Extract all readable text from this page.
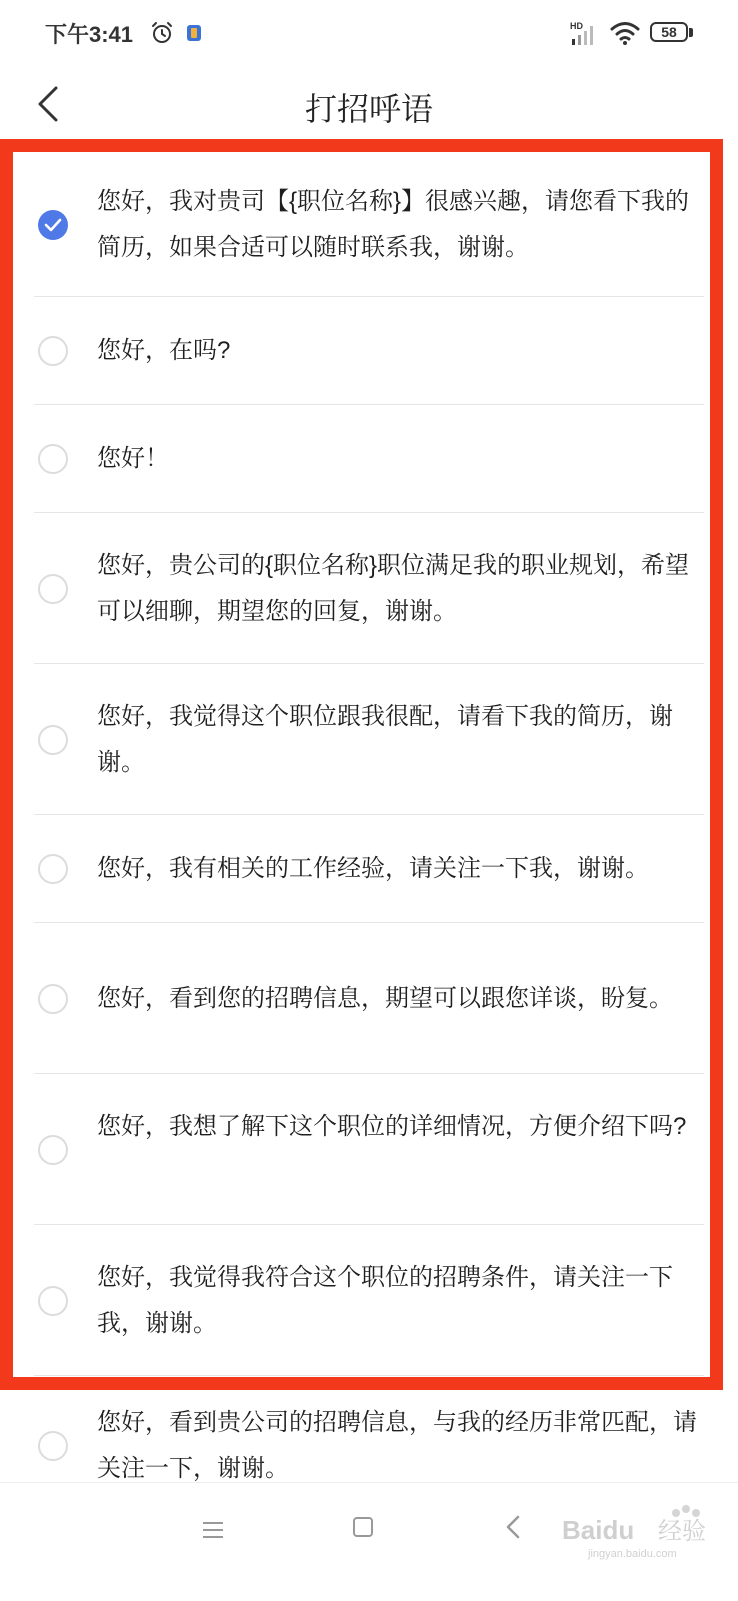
下午3:41	HD	58
打招呼语
您好，我对贵司【{职位名称}】很感兴趣，请您看下我的简历，如果合适可以随时联系我，谢谢。
您好，在吗?
您好！
您好，贵公司的{职位名称}职位满足我的职业规划，希望可以细聊，期望您的回复，谢谢。
您好，我觉得这个职位跟我很配，请看下我的简历，谢谢。
您好，我有相关的工作经验，请关注一下我，谢谢。
您好，看到您的招聘信息，期望可以跟您详谈，盼复。
您好，我想了解下这个职位的详细情况，方便介绍下吗?
您好，我觉得我符合这个职位的招聘条件，请关注一下我，谢谢。
您好，看到贵公司的招聘信息，与我的经历非常匹配，请关注一下，谢谢。
Baidu 经验
jingyan.baidu.com
